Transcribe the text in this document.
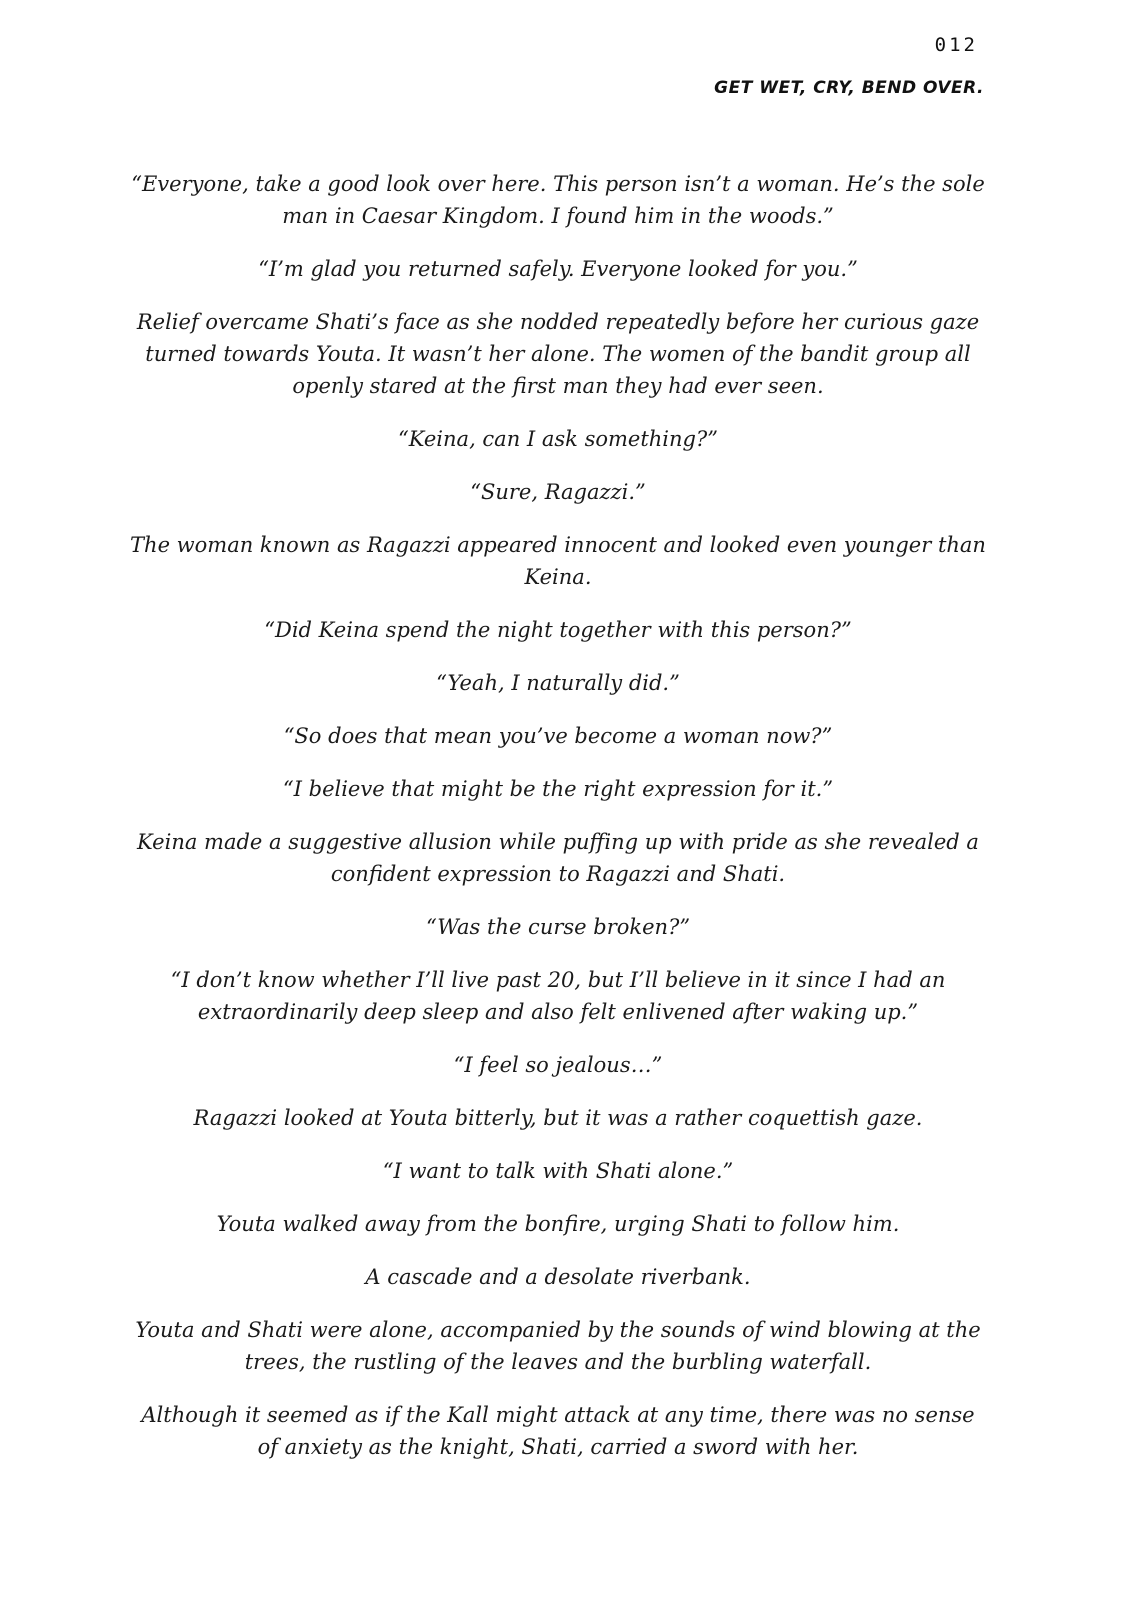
012
GET WET, CRY, BEND OVER.

“Everyone, take a good look over here. This person isn’t a woman. He’s the sole man in Caesar Kingdom. I found him in the woods.”

“I’m glad you returned safely. Everyone looked for you.”

Relief overcame Shati’s face as she nodded repeatedly before her curious gaze turned towards Youta. It wasn’t her alone. The women of the bandit group all openly stared at the first man they had ever seen.

“Keina, can I ask something?”

“Sure, Ragazzi.”

The woman known as Ragazzi appeared innocent and looked even younger than Keina.

“Did Keina spend the night together with this person?”

“Yeah, I naturally did.”

“So does that mean you’ve become a woman now?”

“I believe that might be the right expression for it.”

Keina made a suggestive allusion while puffing up with pride as she revealed a confident expression to Ragazzi and Shati.

“Was the curse broken?”

“I don’t know whether I’ll live past 20, but I’ll believe in it since I had an extraordinarily deep sleep and also felt enlivened after waking up.”

“I feel so jealous…”

Ragazzi looked at Youta bitterly, but it was a rather coquettish gaze.

“I want to talk with Shati alone.”

Youta walked away from the bonfire, urging Shati to follow him.

A cascade and a desolate riverbank.

Youta and Shati were alone, accompanied by the sounds of wind blowing at the trees, the rustling of the leaves and the burbling waterfall.

Although it seemed as if the Kall might attack at any time, there was no sense of anxiety as the knight, Shati, carried a sword with her.
